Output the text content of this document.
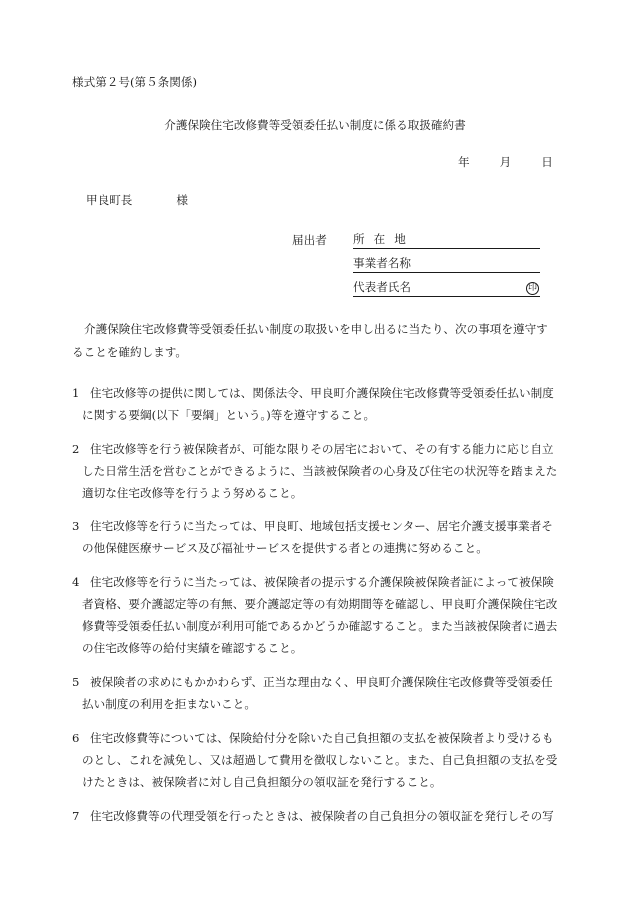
様式第２号(第５条関係)
介護保険住宅改修費等受領委任払い制度に係る取扱確約書
年	月	日
甲良町長	様
届出者 所在地
事業者名称
代表者氏名	印
介護保険住宅改修費等受領委任払い制度の取扱いを申し出るに当たり、次の事項を遵守することを確約します。
1 住宅改修等の提供に関しては、関係法令、甲良町介護保険住宅改修費等受領委任払い制度に関する要綱(以下「要綱」という。)等を遵守すること。
2 住宅改修等を行う被保険者が、可能な限りその居宅において、その有する能力に応じ自立した日常生活を営むことができるように、当該被保険者の心身及び住宅の状況等を踏まえた適切な住宅改修等を行うよう努めること。
3 住宅改修等を行うに当たっては、甲良町、地域包括支援センター、居宅介護支援事業者その他保健医療サービス及び福祉サービスを提供する者との連携に努めること。
4 住宅改修等を行うに当たっては、被保険者の提示する介護保険被保険者証によって被保険者資格、要介護認定等の有無、要介護認定等の有効期間等を確認し、甲良町介護保険住宅改修費等受領委任払い制度が利用可能であるかどうか確認すること。また当該被保険者に過去の住宅改修等の給付実績を確認すること。
5 被保険者の求めにもかかわらず、正当な理由なく、甲良町介護保険住宅改修費等受領委任払い制度の利用を拒まないこと。
6 住宅改修費等については、保険給付分を除いた自己負担額の支払を被保険者より受けるものとし、これを減免し、又は超過して費用を徴収しないこと。また、自己負担額の支払を受けたときは、被保険者に対し自己負担額分の領収証を発行すること。
7 住宅改修費等の代理受領を行ったときは、被保険者の自己負担分の領収証を発行しその写
